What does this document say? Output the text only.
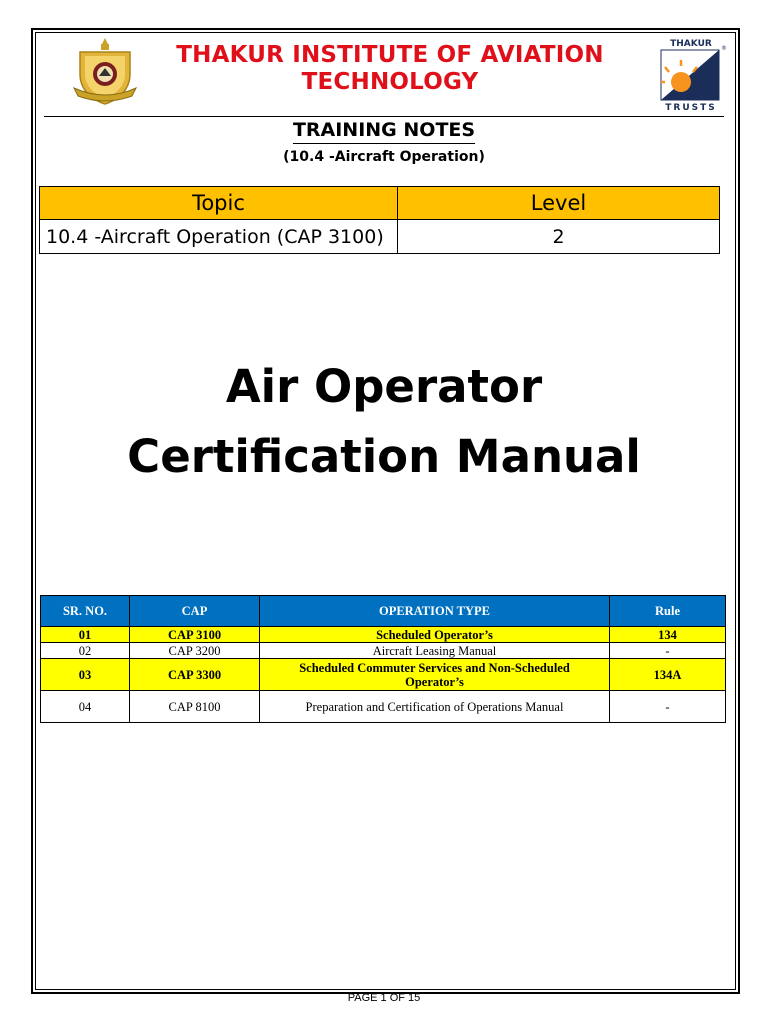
THAKUR INSTITUTE OF AVIATION
TECHNOLOGY
THAKUR ®
TRUSTS
TRAINING NOTES
(10.4 -Aircraft Operation)
Topic	Level
10.4 -Aircraft Operation (CAP 3100)	2
Air Operator
Certification Manual
SR. NO.	CAP	OPERATION TYPE	Rule
01	CAP 3100	Scheduled Operator’s	134
02	CAP 3200	Aircraft Leasing Manual	-
03	CAP 3300	Scheduled Commuter Services and Non-Scheduled Operator’s	134A
04	CAP 8100	Preparation and Certification of Operations Manual	-
PAGE 1 OF 15
